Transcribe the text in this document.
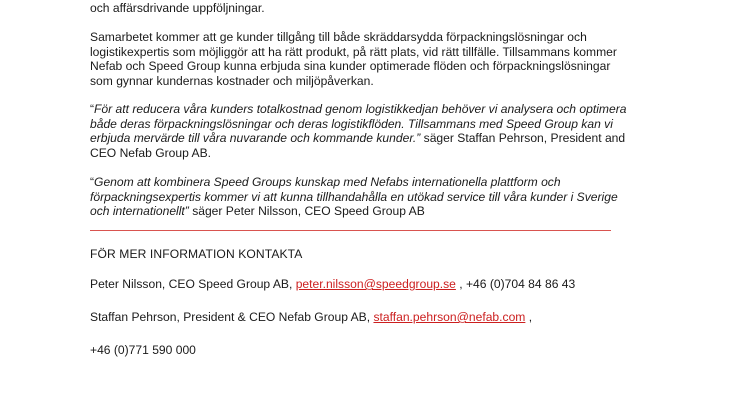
och affärsdrivande uppföljningar.
Samarbetet kommer att ge kunder tillgång till både skräddarsydda förpackningslösningar och
logistikexpertis som möjliggör att ha rätt produkt, på rätt plats, vid rätt tillfälle. Tillsammans kommer
Nefab och Speed Group kunna erbjuda sina kunder optimerade flöden och förpackningslösningar
som gynnar kundernas kostnader och miljöpåverkan.
“För att reducera våra kunders totalkostnad genom logistikkedjan behöver vi analysera och optimera
både deras förpackningslösningar och deras logistikflöden. Tillsammans med Speed Group kan vi
erbjuda mervärde till våra nuvarande och kommande kunder.” säger Staffan Pehrson, President and
CEO Nefab Group AB.
“Genom att kombinera Speed Groups kunskap med Nefabs internationella plattform och
förpackningsexpertis kommer vi att kunna tillhandahålla en utökad service till våra kunder i Sverige
och internationellt” säger Peter Nilsson, CEO Speed Group AB
FÖR MER INFORMATION KONTAKTA
Peter Nilsson, CEO Speed Group AB, peter.nilsson@speedgroup.se , +46 (0)704 84 86 43
Staffan Pehrson, President & CEO Nefab Group AB, staffan.pehrson@nefab.com ,
+46 (0)771 590 000
